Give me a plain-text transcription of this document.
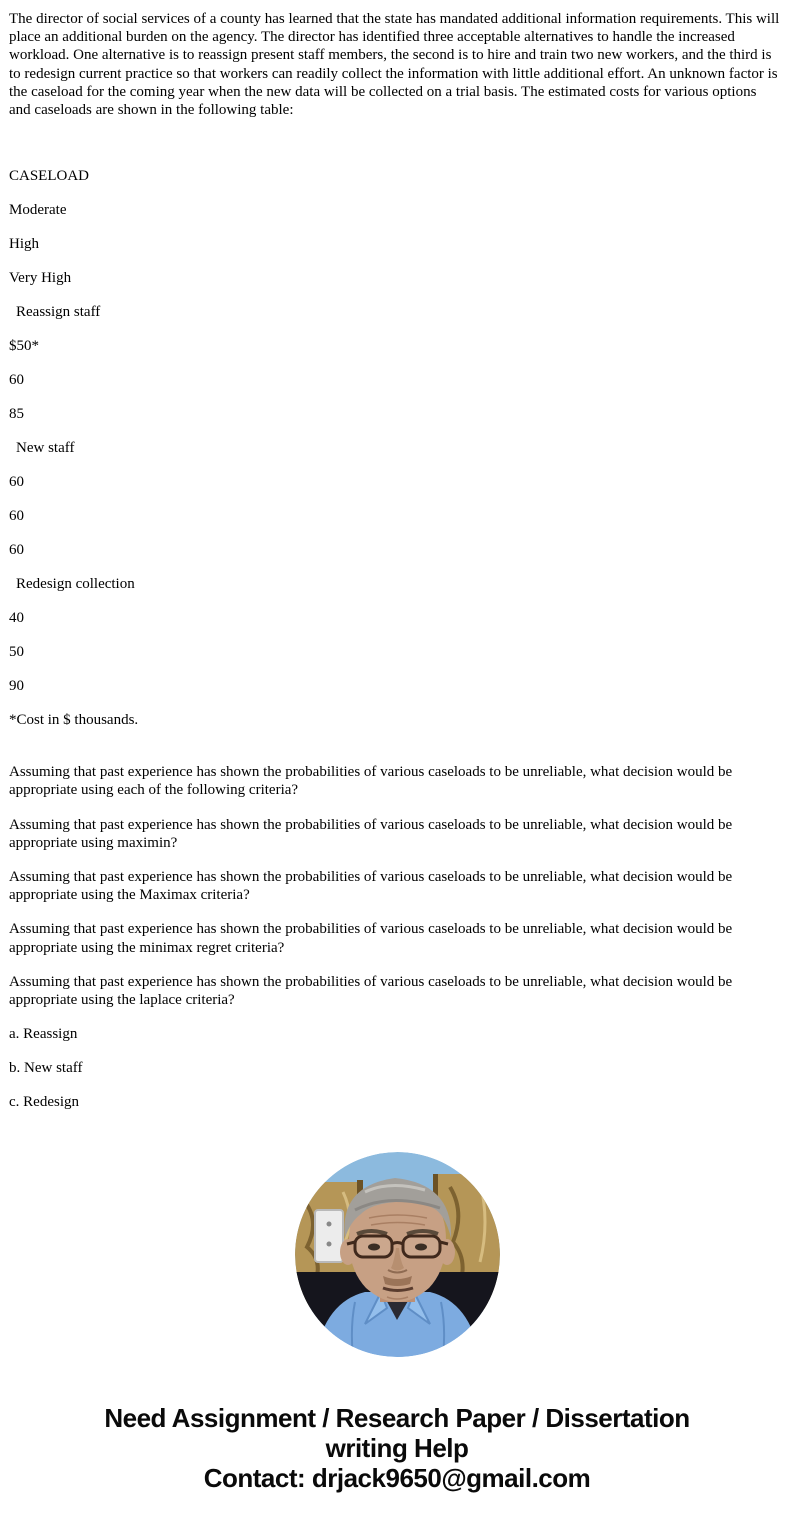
The director of social services of a county has learned that the state has mandated additional information requirements. This will place an additional burden on the agency. The director has identified three acceptable alternatives to handle the increased workload. One alternative is to reassign present staff members, the second is to hire and train two new workers, and the third is to redesign current practice so that workers can readily collect the information with little additional effort. An unknown factor is the caseload for the coming year when the new data will be collected on a trial basis. The estimated costs for various options and caseloads are shown in the following table:

CASELOAD

Moderate

High

Very High

Reassign staff

$50*

60

85

New staff

60

60

60

Redesign collection

40

50

90

*Cost in $ thousands.

Assuming that past experience has shown the probabilities of various caseloads to be unreliable, what decision would be appropriate using each of the following criteria?

Assuming that past experience has shown the probabilities of various caseloads to be unreliable, what decision would be appropriate using maximin?

Assuming that past experience has shown the probabilities of various caseloads to be unreliable, what decision would be appropriate using the Maximax criteria?

Assuming that past experience has shown the probabilities of various caseloads to be unreliable, what decision would be appropriate using the minimax regret criteria?

Assuming that past experience has shown the probabilities of various caseloads to be unreliable, what decision would be appropriate using the laplace criteria?

a. Reassign

b. New staff

c. Redesign

Need Assignment / Research Paper / Dissertation
writing Help
Contact: drjack9650@gmail.com
